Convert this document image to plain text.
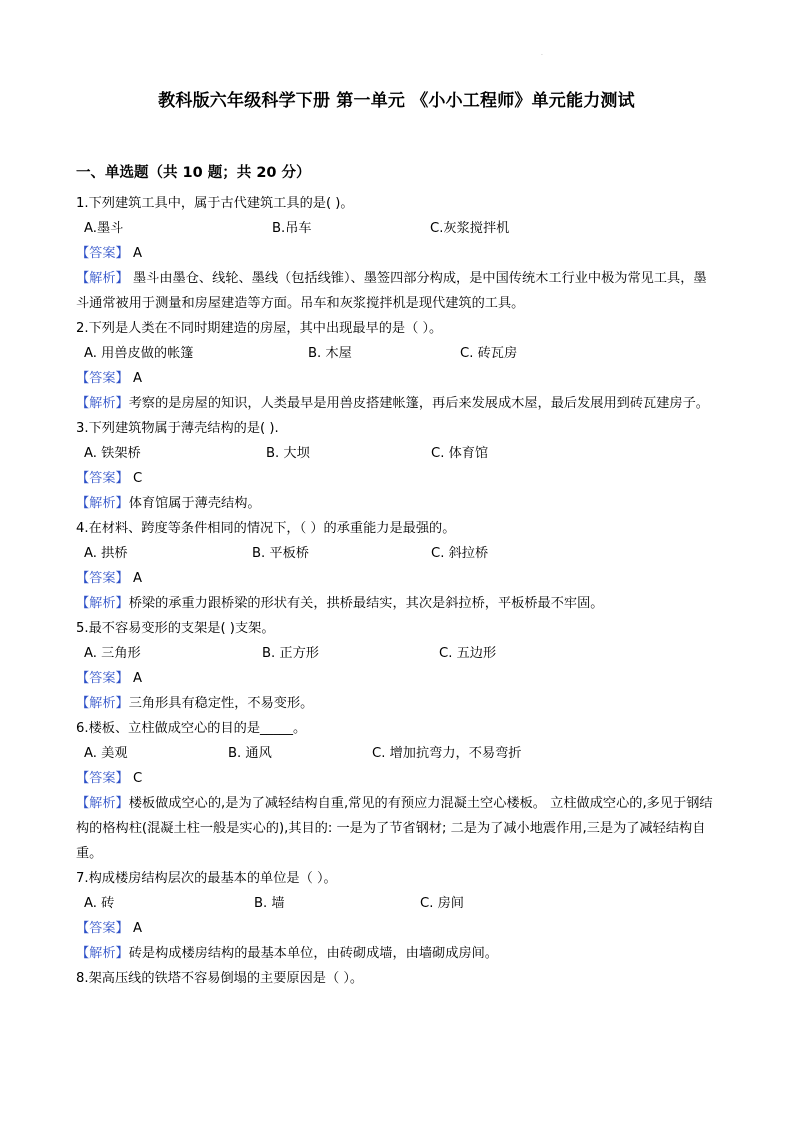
·
教科版六年级科学下册 第一单元 《小小工程师》单元能力测试
一、单选题（共 10 题；共 20 分）
1.下列建筑工具中，属于古代建筑工具的是( )。
A.墨斗	B.吊车	C.灰浆搅拌机
【答案】 A
【解析】 墨斗由墨仓、线轮、墨线（包括线锥）、墨签四部分构成，是中国传统木工行业中极为常见工具，墨斗通常被用于测量和房屋建造等方面。吊车和灰浆搅拌机是现代建筑的工具。
2.下列是人类在不同时期建造的房屋，其中出现最早的是（ ）。
A. 用兽皮做的帐篷	B. 木屋	C. 砖瓦房
【答案】 A
【解析】考察的是房屋的知识，人类最早是用兽皮搭建帐篷，再后来发展成木屋，最后发展用到砖瓦建房子。
3.下列建筑物属于薄壳结构的是( ).
A. 铁架桥	B. 大坝	C. 体育馆
【答案】 C
【解析】体育馆属于薄壳结构。
4.在材料、跨度等条件相同的情况下，（ ）的承重能力是最强的。
A. 拱桥	B. 平板桥	C. 斜拉桥
【答案】 A
【解析】桥梁的承重力跟桥梁的形状有关，拱桥最结实，其次是斜拉桥，平板桥最不牢固。
5.最不容易变形的支架是( )支架。
A. 三角形	B. 正方形	C. 五边形
【答案】 A
【解析】三角形具有稳定性，不易变形。
6.楼板、立柱做成空心的目的是_____。
A. 美观	B. 通风	C. 增加抗弯力，不易弯折
【答案】 C
【解析】楼板做成空心的,是为了减轻结构自重,常见的有预应力混凝土空心楼板。 立柱做成空心的,多见于钢结构的格构柱(混凝土柱一般是实心的),其目的: 一是为了节省钢材; 二是为了减小地震作用,三是为了减轻结构自重。
7.构成楼房结构层次的最基本的单位是（ ）。
A. 砖	B. 墙	C. 房间
【答案】 A
【解析】砖是构成楼房结构的最基本单位，由砖砌成墙，由墙砌成房间。
8.架高压线的铁塔不容易倒塌的主要原因是（ ）。
